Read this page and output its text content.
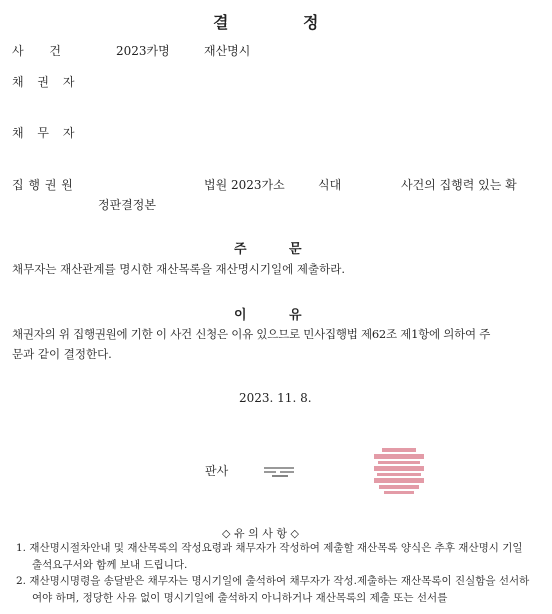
결	정
사 건	2023카명	재산명시
채 권 자
채 무 자
집 행 권 원	법원 2023가소	식대	사건의 집행력 있는 확
정판결정본
주	문
채무자는 재산관계를 명시한 재산목록을 재산명시기일에 제출하라.
이	유
채권자의 위 집행권원에 기한 이 사건 신청은 이유 있으므로 민사집행법 제62조 제1항에 의하여 주
문과 같이 결정한다.
2023. 11. 8.
판사
◇ 유 의 사 항 ◇
1. 재산명시절차안내 및 재산목록의 작성요령과 채무자가 작성하여 제출할 재산목록 양식은 추후 재산명시 기일출석요구서와 함께 보내 드립니다.
2. 재산명시명령을 송달받은 채무자는 명시기일에 출석하여 채무자가 작성.제출하는 재산목록이 진실함을 선서하여야 하며, 정당한 사유 없이 명시기일에 출석하지 아니하거나 재산목록의 제출 또는 선서를
